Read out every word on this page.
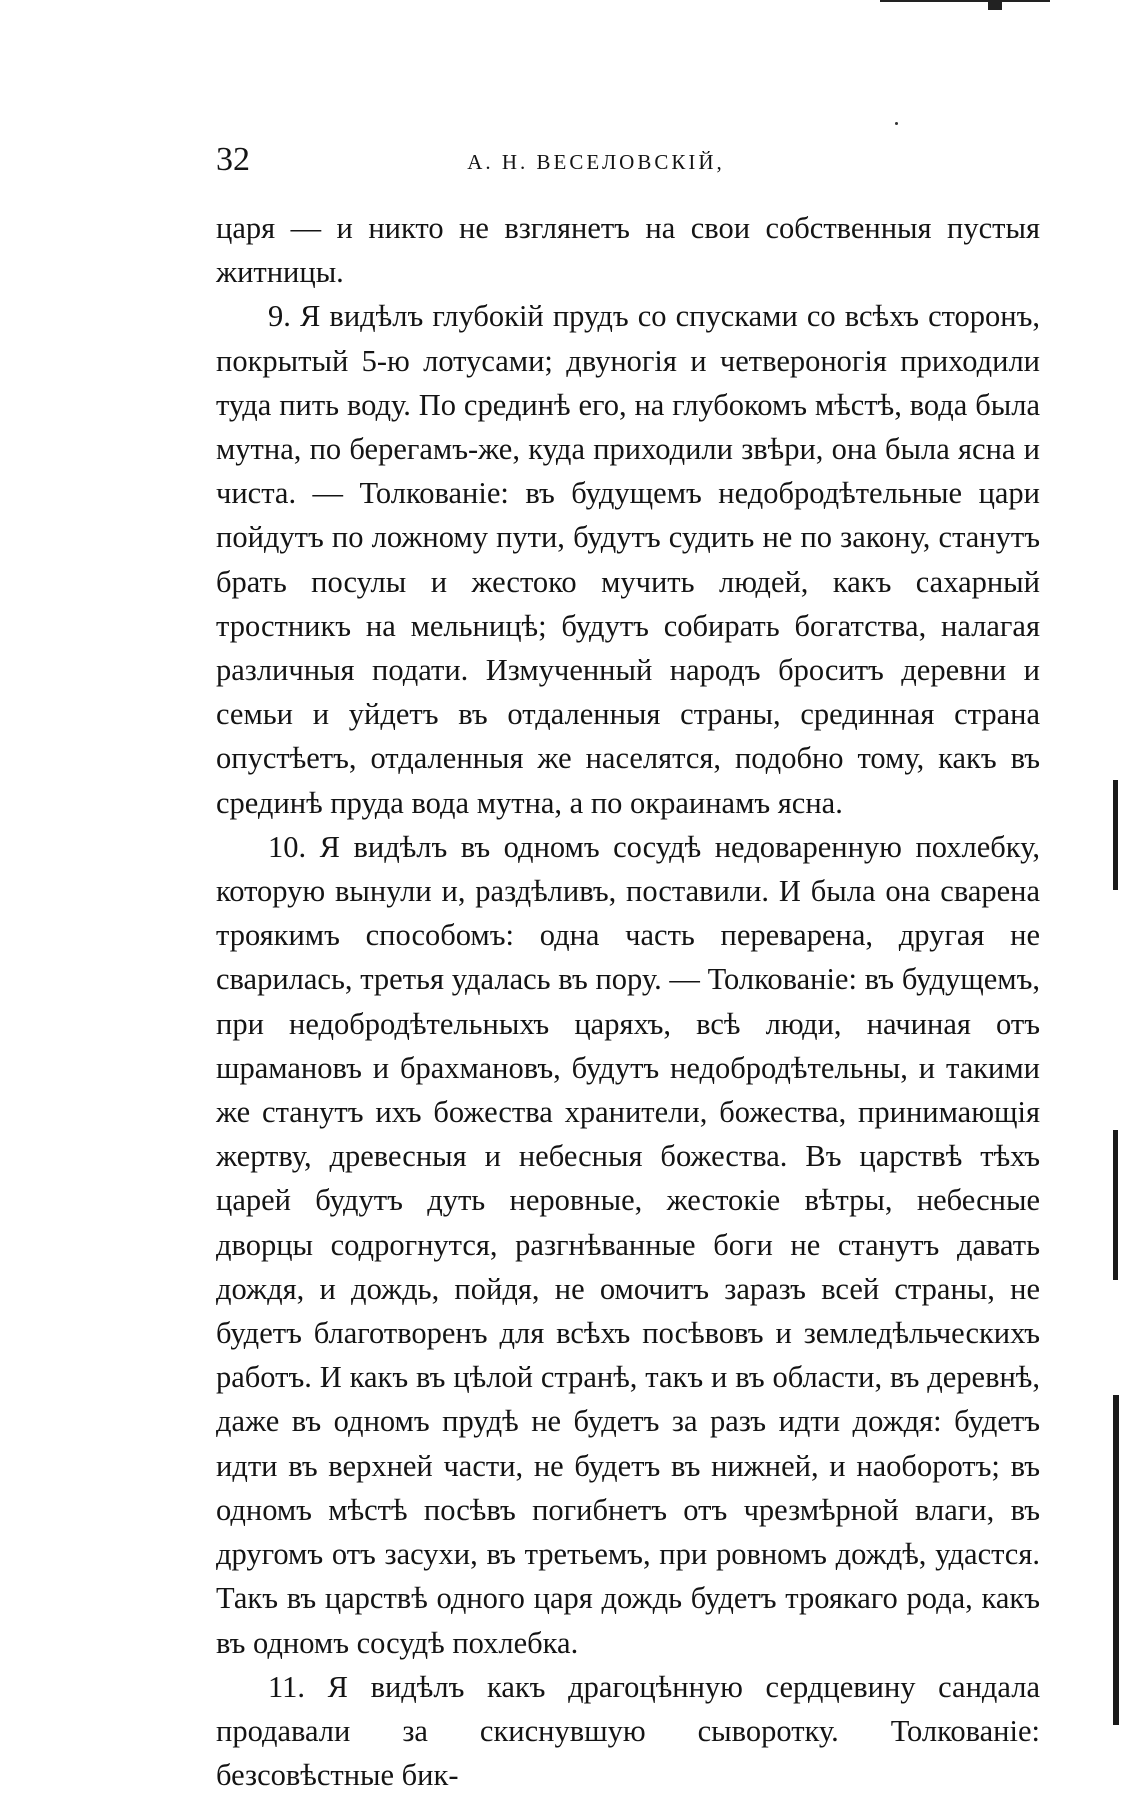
32	А. Н. ВЕСЕЛОВСКІЙ,

царя — и никто не взглянетъ на свои собственныя пустыя житницы.

9. Я видѣлъ глубокій прудъ со спусками со всѣхъ сторонъ, покрытый 5-ю лотусами; двуногія и четвероногія приходили туда пить воду. По срединѣ его, на глубокомъ мѣстѣ, вода была мутна, по берегамъ-же, куда приходили звѣри, она была ясна и чиста. — Толкованіе: въ будущемъ недобродѣтельные цари пойдутъ по ложному пути, будутъ судить не по закону, станутъ брать посулы и жестоко мучить людей, какъ сахарный тростникъ на мельницѣ; будутъ собирать богатства, налагая различныя подати. Измученный народъ броситъ деревни и семьи и уйдетъ въ отдаленныя страны, срединная страна опустѣетъ, отдаленныя же населятся, подобно тому, какъ въ срединѣ пруда вода мутна, а по окраинамъ ясна.

10. Я видѣлъ въ одномъ сосудѣ недоваренную похлебку, которую вынули и, раздѣливъ, поставили. И была она сварена троякимъ способомъ: одна часть переварена, другая не сварилась, третья удалась въ пору. — Толкованіе: въ будущемъ, при недобродѣтельныхъ царяхъ, всѣ люди, начиная отъ шрамановъ и брахмановъ, будутъ недобродѣтельны, и такими же станутъ ихъ божества хранители, божества, принимающія жертву, древесныя и небесныя божества. Въ царствѣ тѣхъ царей будутъ дуть неровные, жестокіе вѣтры, небесные дворцы содрогнутся, разгнѣванные боги не станутъ давать дождя, и дождь, пойдя, не омочитъ заразъ всей страны, не будетъ благотворенъ для всѣхъ посѣвовъ и земледѣльческихъ работъ. И какъ въ цѣлой странѣ, такъ и въ области, въ деревнѣ, даже въ одномъ прудѣ не будетъ за разъ идти дождя: будетъ идти въ верхней части, не будетъ въ нижней, и наоборотъ; въ одномъ мѣстѣ посѣвъ погибнетъ отъ чрезмѣрной влаги, въ другомъ отъ засухи, въ третьемъ, при ровномъ дождѣ, удастся. Такъ въ царствѣ одного царя дождь будетъ троякаго рода, какъ въ одномъ сосудѣ похлебка.

11. Я видѣлъ какъ драгоцѣнную сердцевину сандала продавали за скиснувшую сыворотку. Толкованіе: безсовѣстные бик-
